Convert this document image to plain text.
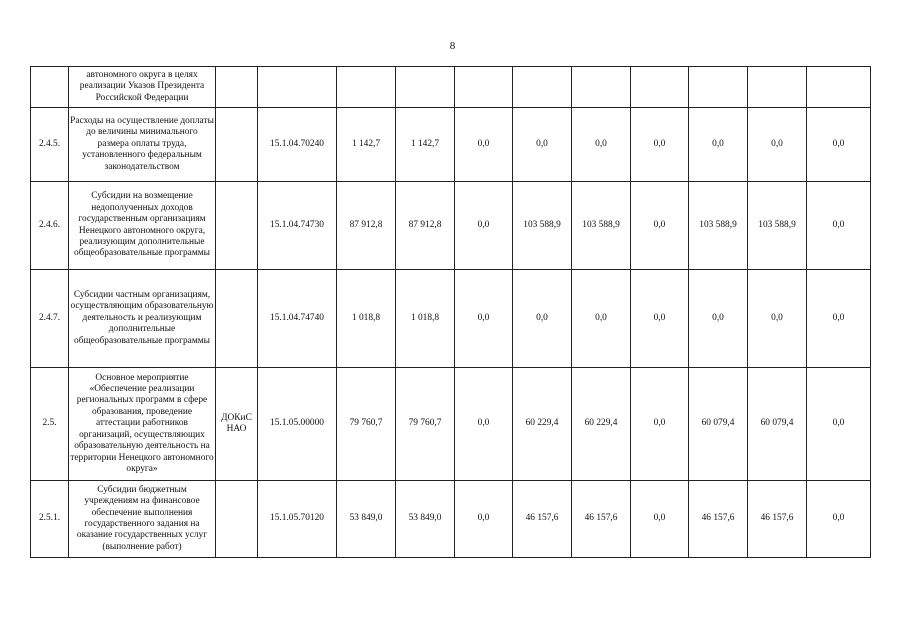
8
	автономного округа в целях реализации Указов Президента Российской Федерации												
2.4.5.	Расходы на осуществление доплаты до величины минимального размера оплаты труда, установленного федеральным законодательством		15.1.04.70240	1 142,7	1 142,7	0,0	0,0	0,0	0,0	0,0	0,0	0,0	
2.4.6.	Субсидии на возмещение недополученных доходов государственным организациям Ненецкого автономного округа, реализующим дополнительные общеобразовательные программы		15.1.04.74730	87 912,8	87 912,8	0,0	103 588,9	103 588,9	0,0	103 588,9	103 588,9	0,0	
2.4.7.	Субсидии частным организациям, осуществляющим образовательную деятельность и реализующим дополнительные общеобразовательные программы		15.1.04.74740	1 018,8	1 018,8	0,0	0,0	0,0	0,0	0,0	0,0	0,0	
2.5.	Основное мероприятие «Обеспечение реализации региональных программ в сфере образования, проведение аттестации работников организаций, осуществляющих образовательную деятельность на территории Ненецкого автономного округа»	ДОКиС НАО	15.1.05.00000	79 760,7	79 760,7	0,0	60 229,4	60 229,4	0,0	60 079,4	60 079,4	0,0	
2.5.1.	Субсидии бюджетным учреждениям на финансовое обеспечение выполнения государственного задания на оказание государственных услуг (выполнение работ)		15.1.05.70120	53 849,0	53 849,0	0,0	46 157,6	46 157,6	0,0	46 157,6	46 157,6	0,0	
